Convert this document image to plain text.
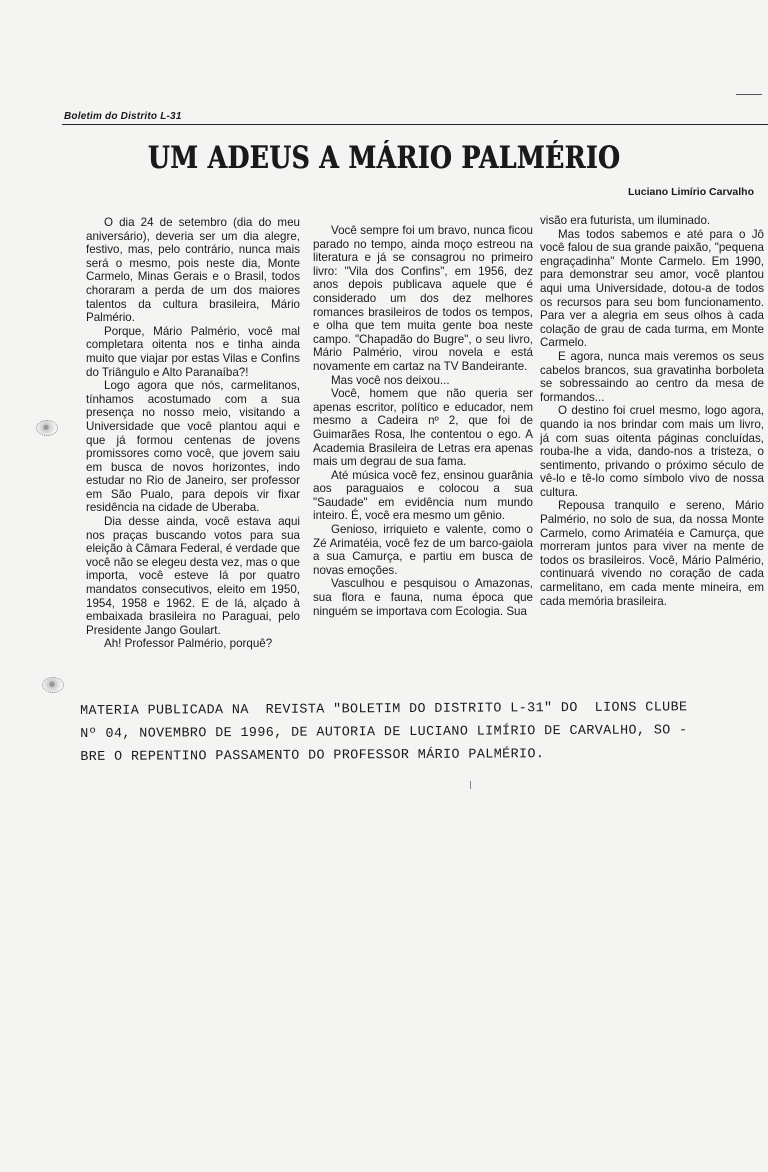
Boletim do Distrito L-31
UM ADEUS A MÁRIO PALMÉRIO
Luciano Limírio Carvalho

O dia 24 de setembro (dia do meu aniversário), deveria ser um dia alegre, festivo, mas, pelo contrário, nunca mais será o mesmo, pois neste dia, Monte Carmelo, Minas Gerais e o Brasil, todos choraram a perda de um dos maiores talentos da cultura brasileira, Mário Palmério.

Porque, Mário Palmério, você mal completara oitenta nos e tinha ainda muito que viajar por estas Vilas e Confins do Triângulo e Alto Paranaíba?!

Logo agora que nós, carmelitanos, tínhamos acostumado com a sua presença no nosso meio, visitando a Universidade que você plantou aqui e que já formou centenas de jovens promissores como você, que jovem saiu em busca de novos horizontes, indo estudar no Rio de Janeiro, ser professor em São Pualo, para depois vir fixar residência na cidade de Uberaba.

Dia desse ainda, você estava aqui nos praças buscando votos para sua eleição à Câmara Federal, é verdade que você não se elegeu desta vez, mas o que importa, você esteve lá por quatro mandatos consecutivos, eleito em 1950, 1954, 1958 e 1962. E de lá, alçado à embaixada brasileira no Paraguai, pelo Presidente Jango Goulart.

Ah! Professor Palmério, porquê?

Você sempre foi um bravo, nunca ficou parado no tempo, ainda moço estreou na literatura e já se consagrou no primeiro livro: "Vila dos Confins", em 1956, dez anos depois publicava aquele que é considerado um dos dez melhores romances brasileiros de todos os tempos, e olha que tem muita gente boa neste campo. "Chapadão do Bugre", o seu livro, Mário Palmério, virou novela e está novamente em cartaz na TV Bandeirante.

Mas você nos deixou...

Você, homem que não queria ser apenas escritor, político e educador, nem mesmo a Cadeira nº 2, que foi de Guimarães Rosa, lhe contentou o ego. A Academia Brasileira de Letras era apenas mais um degrau de sua fama.

Até música você fez, ensinou guarânia aos paraguaios e colocou a sua "Saudade" em evidência num mundo inteiro. É, você era mesmo um gênio.

Genioso, irriquieto e valente, como o Zé Arimatéia, você fez de um barco-gaiola a sua Camurça, e partiu em busca de novas emoções.

Vasculhou e pesquisou o Amazonas, sua flora e fauna, numa época que ninguém se importava com Ecologia. Sua

visão era futurista, um iluminado.

Mas todos sabemos e até para o Jô você falou de sua grande paixão, "pequena engraçadinha" Monte Carmelo. Em 1990, para demonstrar seu amor, você plantou aqui uma Universidade, dotou-a de todos os recursos para seu bom funcionamento. Para ver a alegria em seus olhos à cada colação de grau de cada turma, em Monte Carmelo.

E agora, nunca mais veremos os seus cabelos brancos, sua gravatinha borboleta se sobressaindo ao centro da mesa de formandos...

O destino foi cruel mesmo, logo agora, quando ia nos brindar com mais um livro, já com suas oitenta páginas concluídas, rouba-lhe a vida, dando-nos a tristeza, o sentimento, privando o próximo século de vê-lo e tê-lo como símbolo vivo de nossa cultura.

Repousa tranquilo e sereno, Mário Palmério, no solo de sua, da nossa Monte Carmelo, como Arimatéia e Camurça, que morreram juntos para viver na mente de todos os brasileiros. Você, Mário Palmério, continuará vivendo no coração de cada carmelitano, em cada mente mineira, em cada memória brasileira.

MATERIA PUBLICADA NA  REVISTA "BOLETIM DO DISTRITO L-31" DO  LIONS CLUBE
Nº 04, NOVEMBRO DE 1996, DE AUTORIA DE LUCIANO LIMÍRIO DE CARVALHO, SO -
BRE O REPENTINO PASSAMENTO DO PROFESSOR MÁRIO PALMÉRIO.
